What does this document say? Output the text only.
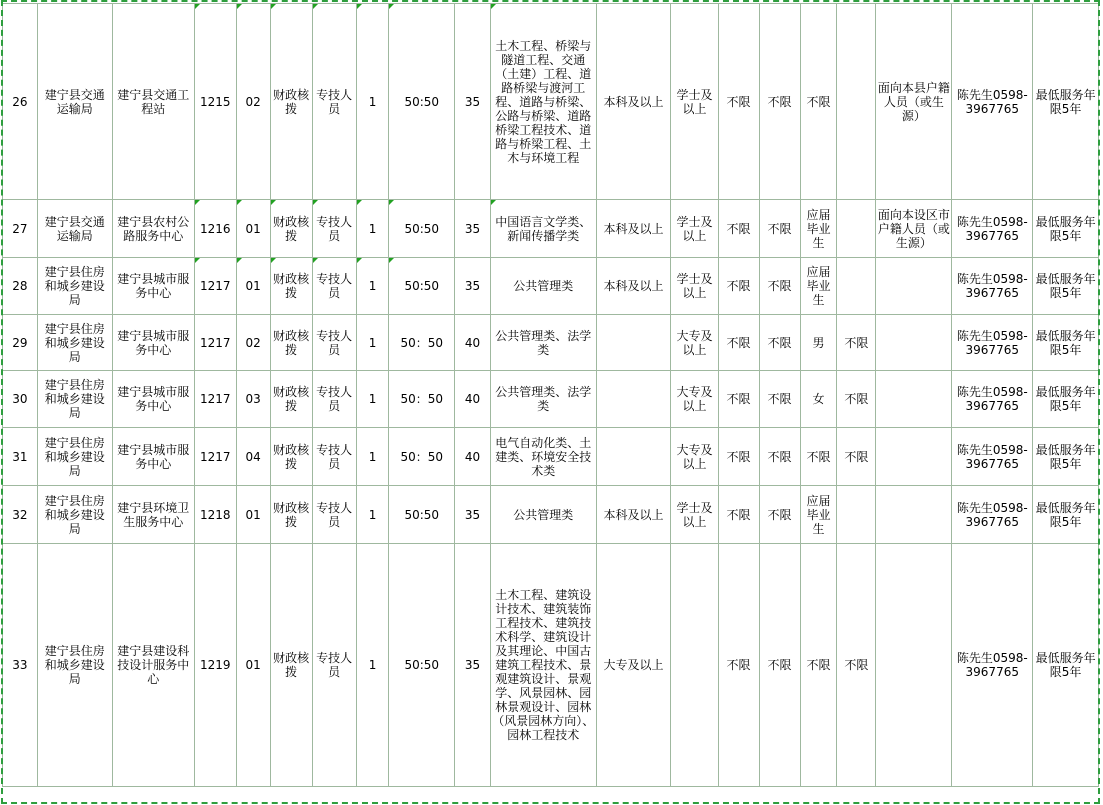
26	建宁县交通运输局	建宁县交通工程站	1215	02	财政核拨	专技人员	1	50:50	35	土木工程、桥梁与隧道工程、交通（土建）工程、道路桥梁与渡河工程、道路与桥梁、公路与桥梁、道路桥梁工程技术、道路与桥梁工程、土木与环境工程	本科及以上	学士及以上	不限	不限	不限		面向本县户籍人员（或生源）	陈先生0598-3967765	最低服务年限5年
27	建宁县交通运输局	建宁县农村公路服务中心	1216	01	财政核拨	专技人员	1	50:50	35	中国语言文学类、新闻传播学类	本科及以上	学士及以上	不限	不限	应届毕业生		面向本设区市户籍人员（或生源）	陈先生0598-3967765	最低服务年限5年
28	建宁县住房和城乡建设局	建宁县城市服务中心	1217	01	财政核拨	专技人员	1	50:50	35	公共管理类	本科及以上	学士及以上	不限	不限	应届毕业生			陈先生0598-3967765	最低服务年限5年
29	建宁县住房和城乡建设局	建宁县城市服务中心	1217	02	财政核拨	专技人员	1	50：50	40	公共管理类、法学类		大专及以上	不限	不限	男	不限		陈先生0598-3967765	最低服务年限5年
30	建宁县住房和城乡建设局	建宁县城市服务中心	1217	03	财政核拨	专技人员	1	50：50	40	公共管理类、法学类		大专及以上	不限	不限	女	不限		陈先生0598-3967765	最低服务年限5年
31	建宁县住房和城乡建设局	建宁县城市服务中心	1217	04	财政核拨	专技人员	1	50：50	40	电气自动化类、土建类、环境安全技术类		大专及以上	不限	不限	不限	不限		陈先生0598-3967765	最低服务年限5年
32	建宁县住房和城乡建设局	建宁县环境卫生服务中心	1218	01	财政核拨	专技人员	1	50:50	35	公共管理类	本科及以上	学士及以上	不限	不限	应届毕业生			陈先生0598-3967765	最低服务年限5年
33	建宁县住房和城乡建设局	建宁县建设科技设计服务中心	1219	01	财政核拨	专技人员	1	50:50	35	土木工程、建筑设计技术、建筑装饰工程技术、建筑技术科学、建筑设计及其理论、中国古建筑工程技术、景观建筑设计、景观学、风景园林、园林景观设计、园林（风景园林方向）、园林工程技术	大专及以上		不限	不限	不限	不限		陈先生0598-3967765	最低服务年限5年
